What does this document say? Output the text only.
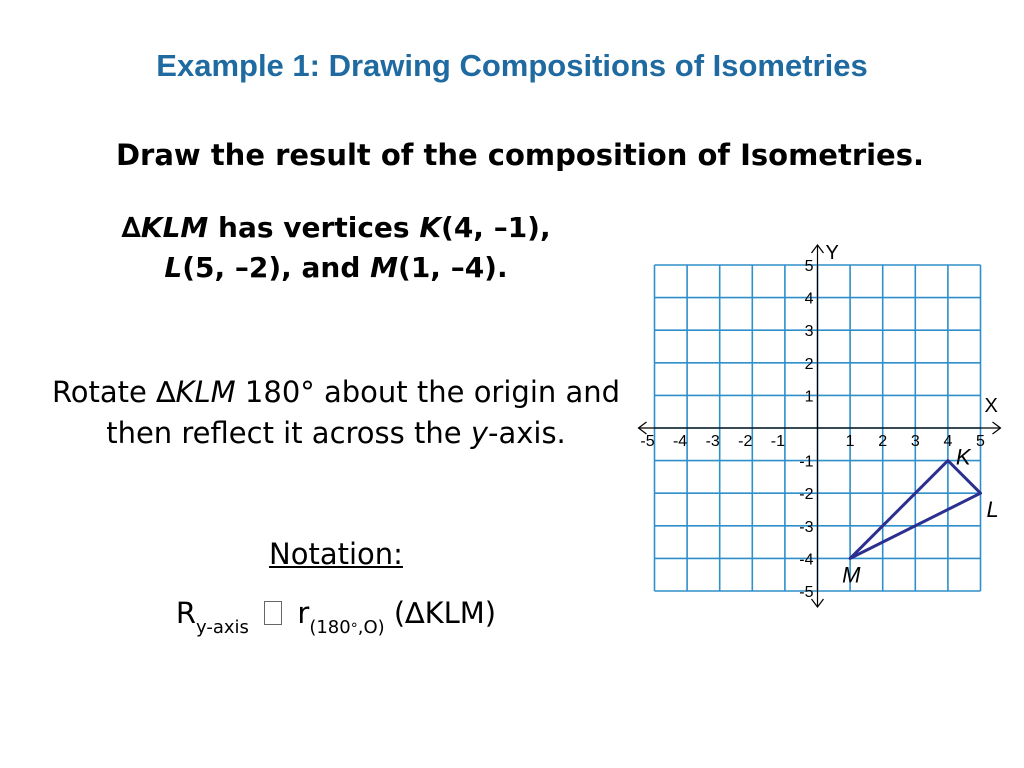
Example 1: Drawing Compositions of Isometries
Draw the result of the composition of Isometries.
∆KLM has vertices K(4, –1),
L(5, –2), and M(1, –4).
Rotate ∆KLM 180° about the origin and then reflect it across the y-axis.
Notation:
$R_{y-axis}$ $r_{(180^\circ,O)}$ (∆KLM)
X
Y
-5 -4 -3 -2 -1	1 2 3 4 5
5
4
3
2
1
-1
-2
-3
-4
-5
K
L
M
